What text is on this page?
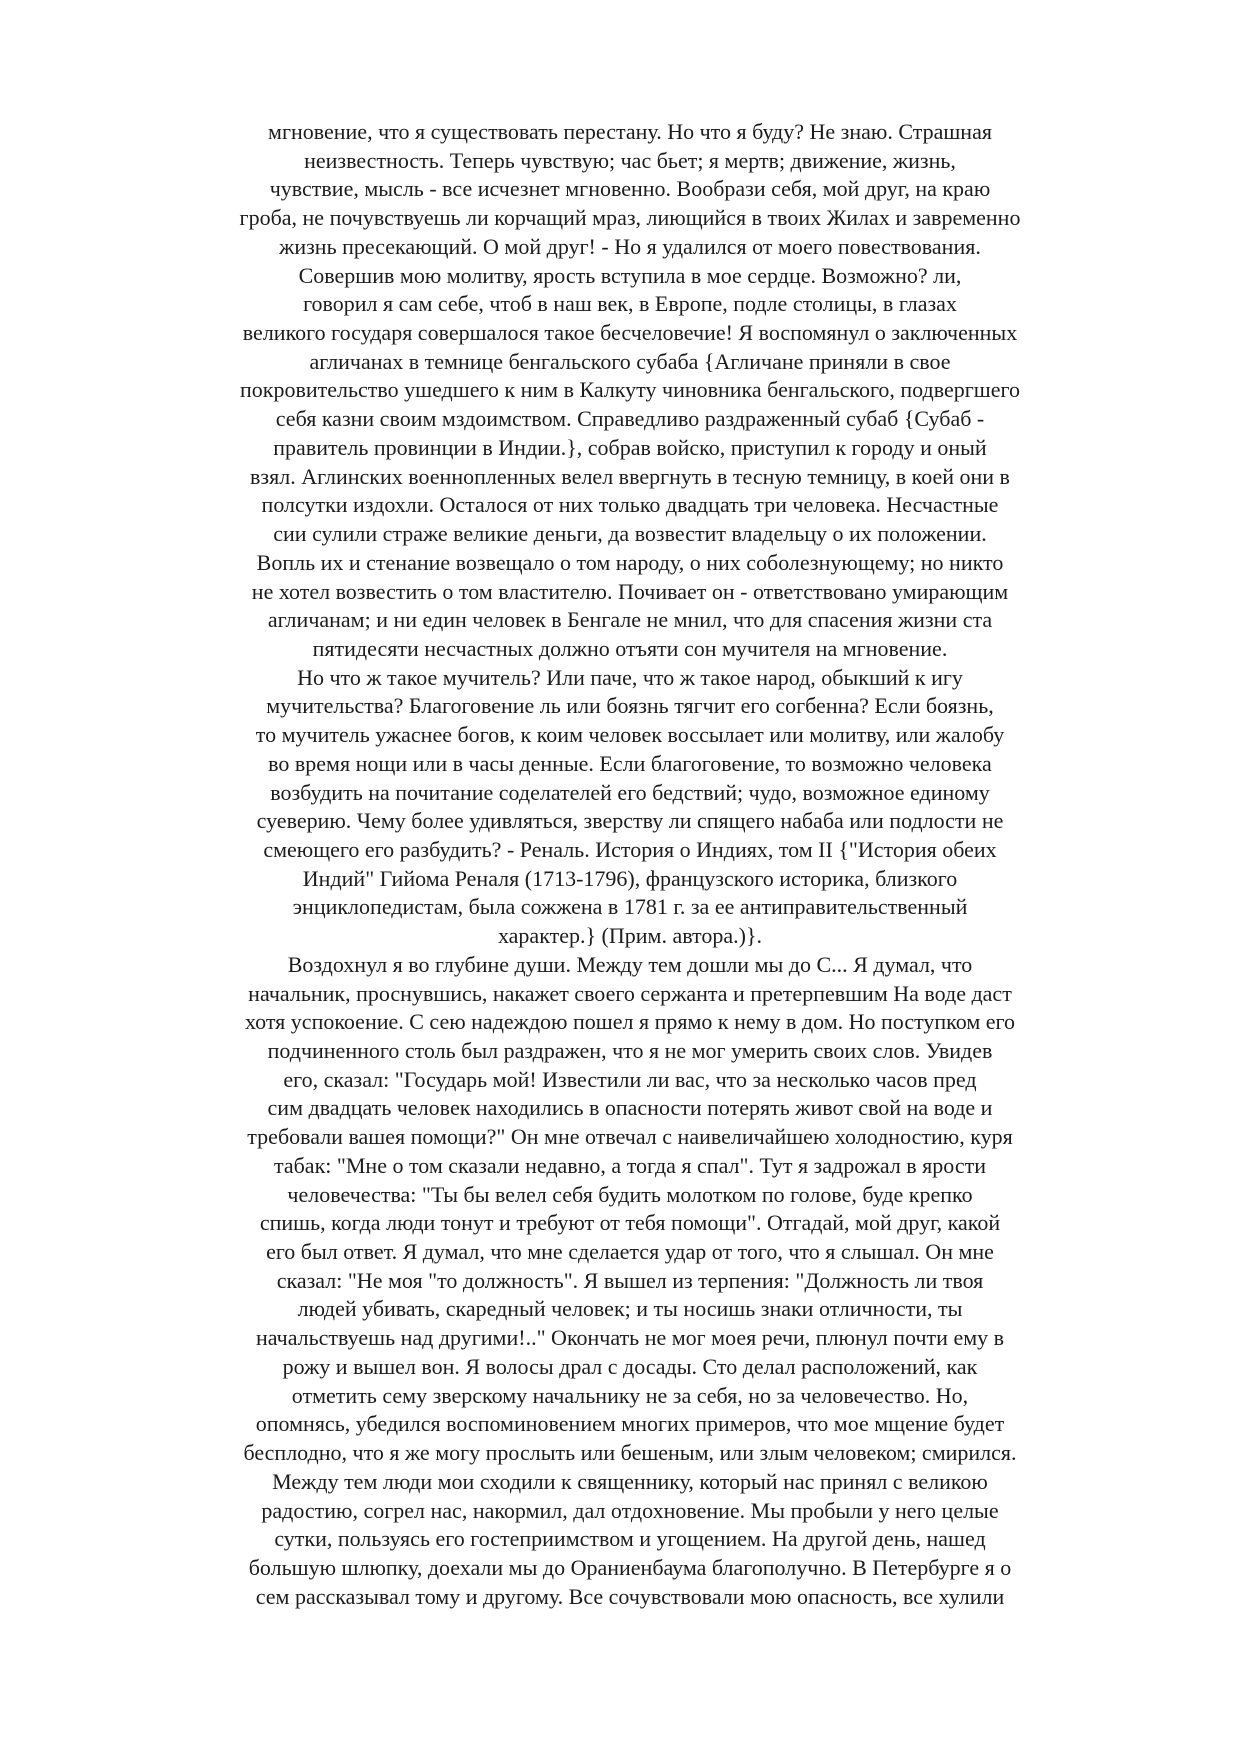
мгновение, что я существовать перестану. Но что я буду? Не знаю. Страшная
неизвестность. Теперь чувствую; час бьет; я мертв; движение, жизнь,
чувствие, мысль - все исчезнет мгновенно. Вообрази себя, мой друг, на краю
гроба, не почувствуешь ли корчащий мраз, лиющийся в твоих Жилах и завременно
жизнь пресекающий. О мой друг! - Но я удалился от моего повествования.
Совершив мою молитву, ярость вступила в мое сердце. Возможно? ли,
говорил я сам себе, чтоб в наш век, в Европе, подле столицы, в глазах
великого государя совершалося такое бесчеловечие! Я воспомянул о заключенных
агличанах в темнице бенгальского субаба {Агличане приняли в свое
покровительство ушедшего к ним в Калкуту чиновника бенгальского, подвергшего
себя казни своим мздоимством. Справедливо раздраженный субаб {Субаб -
правитель провинции в Индии.}, собрав войско, приступил к городу и оный
взял. Аглинских военнопленных велел ввергнуть в тесную темницу, в коей они в
полсутки издохли. Осталося от них только двадцать три человека. Несчастные
сии сулили страже великие деньги, да возвестит владельцу о их положении.
Вопль их и стенание возвещало о том народу, о них соболезнующему; но никто
не хотел возвестить о том властителю. Почивает он - ответствовано умирающим
агличанам; и ни един человек в Бенгале не мнил, что для спасения жизни ста
пятидесяти несчастных должно отъяти сон мучителя на мгновение.
Но что ж такое мучитель? Или паче, что ж такое народ, обыкший к игу
мучительства? Благоговение ль или боязнь тягчит его согбенна? Если боязнь,
то мучитель ужаснее богов, к коим человек воссылает или молитву, или жалобу
во время нощи или в часы денные. Если благоговение, то возможно человека
возбудить на почитание соделателей его бедствий; чудо, возможное единому
суеверию. Чему более удивляться, зверству ли спящего набаба или подлости не
смеющего его разбудить? - Реналь. История о Индиях, том II {"История обеих
Индий" Гийома Реналя (1713-1796), французского историка, близкого
энциклопедистам, была сожжена в 1781 г. за ее антиправительственный
характер.} (Прим. автора.)}.
Воздохнул я во глубине души. Между тем дошли мы до С... Я думал, что
начальник, проснувшись, накажет своего сержанта и претерпевшим На воде даст
хотя успокоение. С сею надеждою пошел я прямо к нему в дом. Но поступком его
подчиненного столь был раздражен, что я не мог умерить своих слов. Увидев
его, сказал: "Государь мой! Известили ли вас, что за несколько часов пред
сим двадцать человек находились в опасности потерять живот свой на воде и
требовали вашея помощи?" Он мне отвечал с наивеличайшею холодностию, куря
табак: "Мне о том сказали недавно, а тогда я спал". Тут я задрожал в ярости
человечества: "Ты бы велел себя будить молотком по голове, буде крепко
спишь, когда люди тонут и требуют от тебя помощи". Отгадай, мой друг, какой
его был ответ. Я думал, что мне сделается удар от того, что я слышал. Он мне
сказал: "Не моя "то должность". Я вышел из терпения: "Должность ли твоя
людей убивать, скаредный человек; и ты носишь знаки отличности, ты
начальствуешь над другими!.." Окончать не мог моея речи, плюнул почти ему в
рожу и вышел вон. Я волосы драл с досады. Сто делал расположений, как
отметить сему зверскому начальнику не за себя, но за человечество. Но,
опомнясь, убедился воспоминовением многих примеров, что мое мщение будет
бесплодно, что я же могу прослыть или бешеным, или злым человеком; смирился.
Между тем люди мои сходили к священнику, который нас принял с великою
радостию, согрел нас, накормил, дал отдохновение. Мы пробыли у него целые
сутки, пользуясь его гостеприимством и угощением. На другой день, нашед
большую шлюпку, доехали мы до Ораниенбаума благополучно. В Петербурге я о
сем рассказывал тому и другому. Все сочувствовали мою опасность, все хулили
